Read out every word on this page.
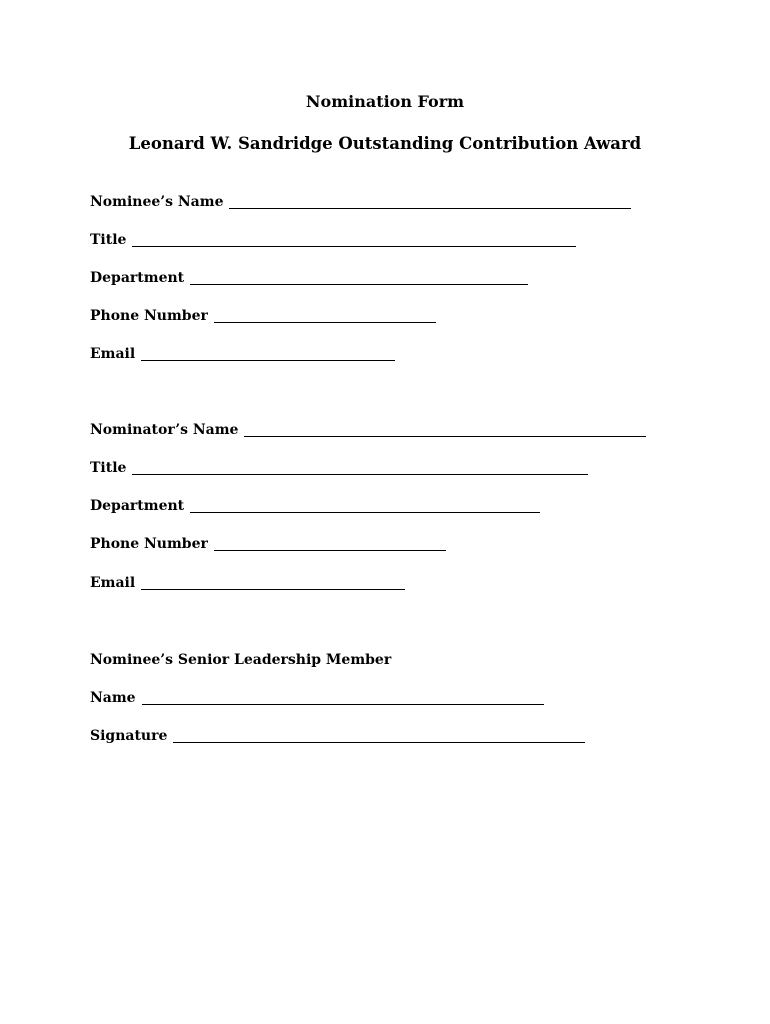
Nomination Form
Leonard W. Sandridge Outstanding Contribution Award
Nominee’s Name
Title
Department
Phone Number
Email
Nominator’s Name
Title
Department
Phone Number
Email
Nominee’s Senior Leadership Member
Name
Signature
